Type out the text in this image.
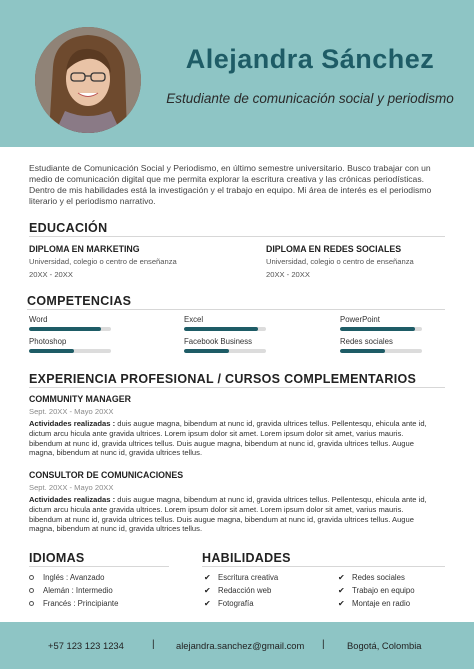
Alejandra Sánchez
Estudiante de comunicación social y periodismo
Estudiante de Comunicación Social y Periodismo, en último semestre universitario. Busco trabajar con un medio de comunicación digital que me permita explorar la escritura creativa y las crónicas periodísticas. Dentro de mis habilidades está la investigación y el trabajo en equipo. Mi área de interés es el periodismo literario y el periodismo narrativo.
EDUCACIÓN
DIPLOMA EN MARKETING
Universidad, colegio o centro de enseñanza
20XX - 20XX
DIPLOMA EN REDES SOCIALES
Universidad, colegio o centro de enseñanza
20XX - 20XX
COMPETENCIAS
Word	Excel	PowerPoint
Photoshop	Facebook Business	Redes sociales
EXPERIENCIA PROFESIONAL / CURSOS COMPLEMENTARIOS
COMMUNITY MANAGER
Sept. 20XX - Mayo 20XX
Actividades realizadas : duis augue magna, bibendum at nunc id, gravida ultrices tellus. Pellentesqu, ehicula ante id, dictum arcu hicula ante gravida ultrices. Lorem ipsum dolor sit amet. Lorem ipsum dolor sit amet, varius mauris. bibendum at nunc id, gravida ultrices tellus. Duis augue magna, bibendum at nunc id, gravida ultrices tellus. Augue magna, bibendum at nunc id, gravida ultrices tellus.
CONSULTOR DE COMUNICACIONES
Sept. 20XX - Mayo 20XX
Actividades realizadas : duis augue magna, bibendum at nunc id, gravida ultrices tellus. Pellentesqu, ehicula ante id, dictum arcu hicula ante gravida ultrices. Lorem ipsum dolor sit amet. Lorem ipsum dolor sit amet, varius mauris. bibendum at nunc id, gravida ultrices tellus. Duis augue magna, bibendum at nunc id, gravida ultrices tellus. Augue magna, bibendum at nunc id, gravida ultrices tellus.
IDIOMAS
Inglés : Avanzado
Alemán : Intermedio
Francés : Principiante
HABILIDADES
✔ Escritura creativa
✔ Redacción web
✔ Fotografía
✔ Redes sociales
✔ Trabajo en equipo
✔ Montaje en radio
+57 123 123 1234	| alejandra.sanchez@gmail.com | Bogotá, Colombia
